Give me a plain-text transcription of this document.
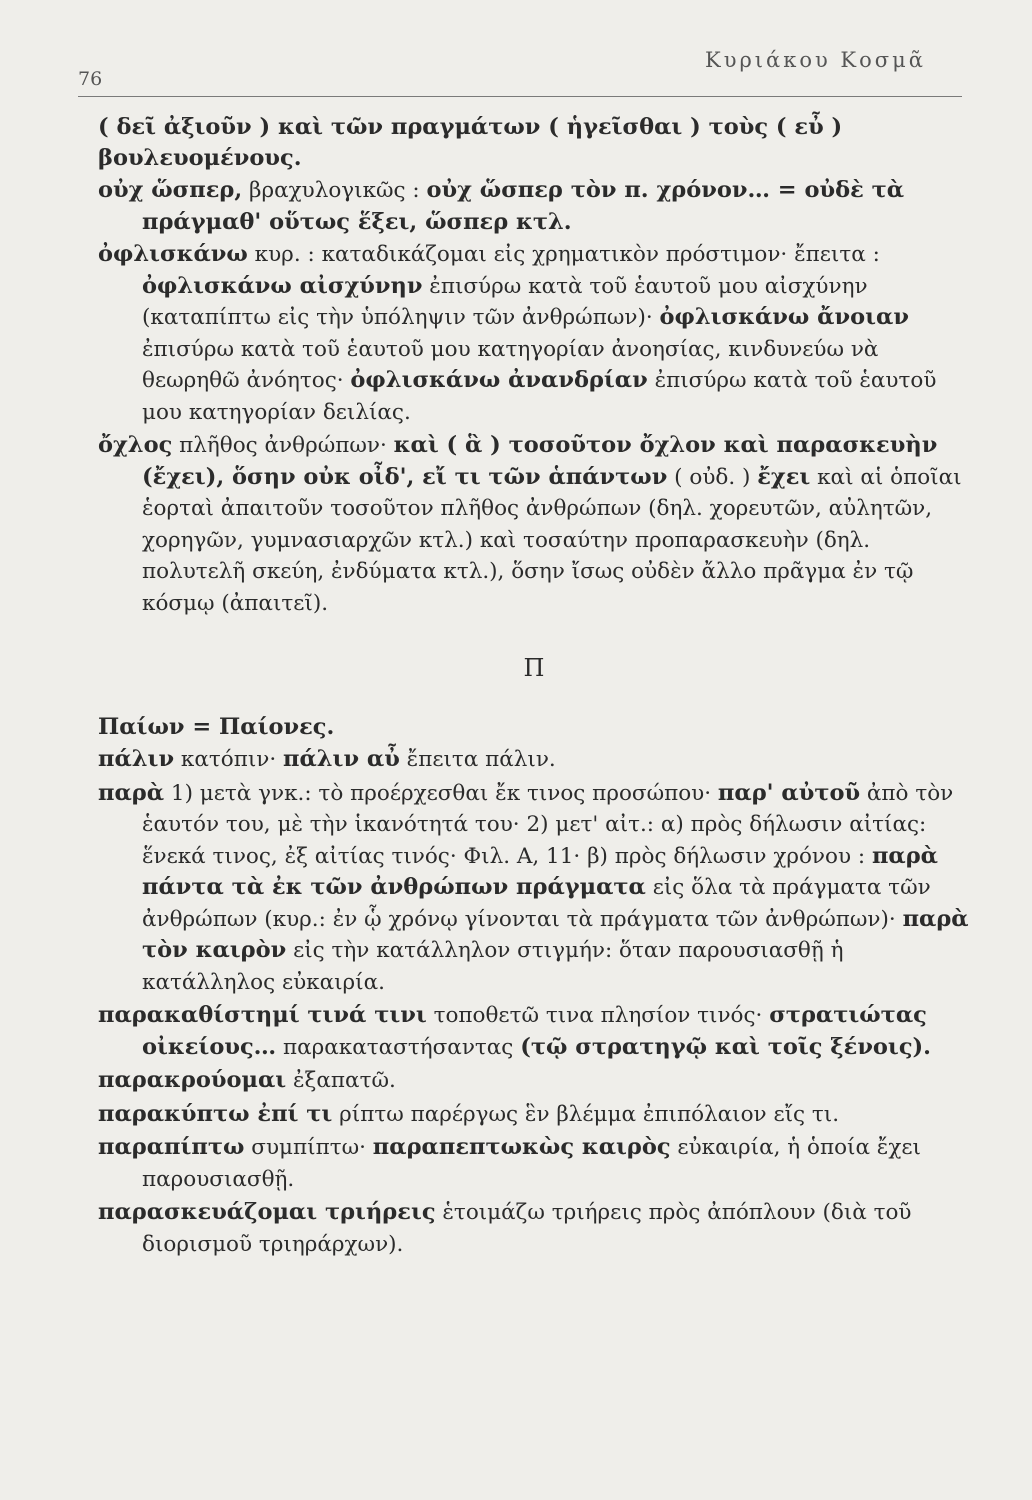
76
Κυριάκου Κοσμᾶ

( δεῖ ἀξιοῦν ) καὶ τῶν πραγμάτων ( ἡγεῖσθαι ) τοὺς ( εὖ ) βουλευομένους.

οὐχ ὥσπερ, βραχυλογικῶς : οὐχ ὥσπερ τὸν π. χρόνον… = οὐδὲ τὰ πράγμαθ' οὕτως ἕξει, ὥσπερ κτλ.

ὀφλισκάνω κυρ. : καταδικάζομαι εἰς χρηματικὸν πρόστιμον· ἔπειτα : ὀφλισκάνω αἰσχύνην ἐπισύρω κατὰ τοῦ ἑαυτοῦ μου αἰσχύνην (καταπίπτω εἰς τὴν ὑπόληψιν τῶν ἀνθρώπων)· ὀφλισκάνω ἄνοιαν ἐπισύρω κατὰ τοῦ ἑαυτοῦ μου κατηγορίαν ἀνοησίας, κινδυνεύω νὰ θεωρηθῶ ἀνόητος· ὀφλισκάνω ἀνανδρίαν ἐπισύρω κατὰ τοῦ ἑαυτοῦ μου κατηγορίαν δειλίας.

ὄχλος πλῆθος ἀνθρώπων· καὶ ( ἃ ) τοσοῦτον ὄχλον καὶ παρασκευὴν (ἔχει), ὅσην οὐκ οἶδ', εἴ τι τῶν ἁπάντων ( οὐδ. ) ἔχει καὶ αἱ ὁποῖαι ἑορταὶ ἀπαιτοῦν τοσοῦτον πλῆθος ἀνθρώπων (δηλ. χορευτῶν, αὐλητῶν, χορηγῶν, γυμνασιαρχῶν κτλ.) καὶ τοσαύτην προπαρασκευὴν (δηλ. πολυτελῆ σκεύη, ἐνδύματα κτλ.), ὅσην ἴσως οὐδὲν ἄλλο πρᾶγμα ἐν τῷ κόσμῳ (ἀπαιτεῖ).

Π

Παίων = Παίονες.

πάλιν κατόπιν· πάλιν αὖ ἔπειτα πάλιν.

παρὰ 1) μετὰ γνκ.: τὸ προέρχεσθαι ἔκ τινος προσώπου· παρ' αὐτοῦ ἀπὸ τὸν ἑαυτόν του, μὲ τὴν ἱκανότητά του· 2) μετ' αἰτ.: α) πρὸς δήλωσιν αἰτίας: ἕνεκά τινος, ἐξ αἰτίας τινός· Φιλ. Α, 11· β) πρὸς δήλωσιν χρόνου : παρὰ πάντα τὰ ἐκ τῶν ἀνθρώπων πράγματα εἰς ὅλα τὰ πράγματα τῶν ἀνθρώπων (κυρ.: ἐν ᾧ χρόνῳ γίνονται τὰ πράγματα τῶν ἀνθρώπων)· παρὰ τὸν καιρὸν εἰς τὴν κατάλληλον στιγμήν: ὅταν παρουσιασθῇ ἡ κατάλληλος εὐκαιρία.

παρακαθίστημί τινά τινι τοποθετῶ τινα πλησίον τινός· στρατιώτας οἰκείους… παρακαταστήσαντας (τῷ στρατηγῷ καὶ τοῖς ξένοις).

παρακρούομαι ἐξαπατῶ.

παρακύπτω ἐπί τι ρίπτω παρέργως ἓν βλέμμα ἐπιπόλαιον εἴς τι.

παραπίπτω συμπίπτω· παραπεπτωκὼς καιρὸς εὐκαιρία, ἡ ὁποία ἔχει παρουσιασθῇ.

παρασκευάζομαι τριήρεις ἑτοιμάζω τριήρεις πρὸς ἀπόπλουν (διὰ τοῦ διορισμοῦ τριηράρχων).
